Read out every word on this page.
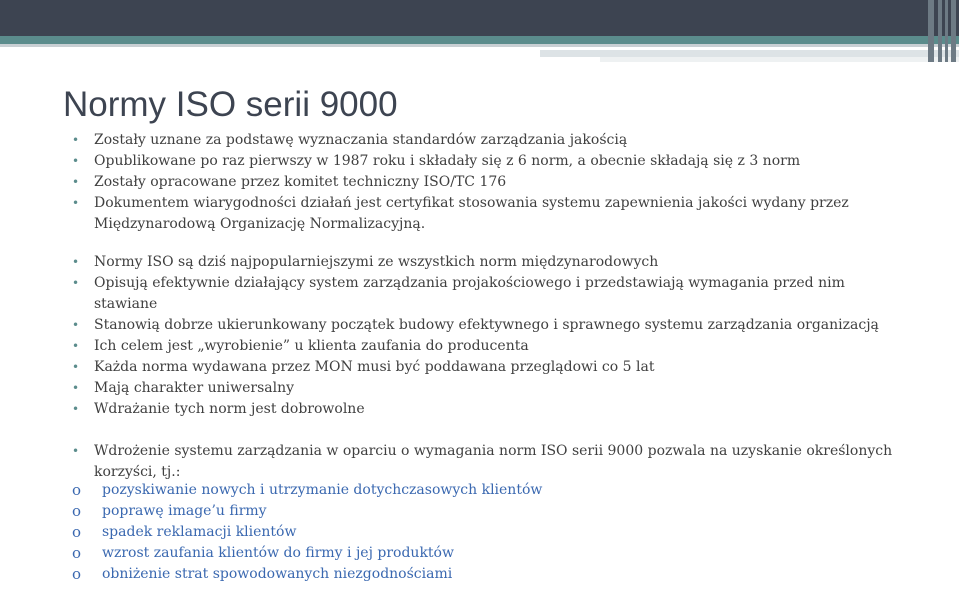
Normy ISO serii 9000
•	Zostały uznane za podstawę wyznaczania standardów zarządzania jakością
•	Opublikowane po raz pierwszy w 1987 roku i składały się z 6 norm, a obecnie składają się z 3 norm
•	Zostały opracowane przez komitet techniczny ISO/TC 176
•	Dokumentem wiarygodności działań jest certyfikat stosowania systemu zapewnienia jakości wydany przez Międzynarodową Organizację Normalizacyjną.
•	Normy ISO są dziś najpopularniejszymi ze wszystkich norm międzynarodowych
•	Opisują efektywnie działający system zarządzania projakościowego i przedstawiają wymagania przed nim stawiane
•	Stanowią dobrze ukierunkowany początek budowy efektywnego i sprawnego systemu zarządzania organizacją
•	Ich celem jest „wyrobienie” u klienta zaufania do producenta
•	Każda norma wydawana przez MON musi być poddawana przeglądowi co 5 lat
•	Mają charakter uniwersalny
•	Wdrażanie tych norm jest dobrowolne
•	Wdrożenie systemu zarządzania w oparciu o wymagania norm ISO serii 9000 pozwala na uzyskanie określonych korzyści, tj.:
o	pozyskiwanie nowych i utrzymanie dotychczasowych klientów
o	poprawę image’u firmy
o	spadek reklamacji klientów
o	wzrost zaufania klientów do firmy i jej produktów
o	obniżenie strat spowodowanych niezgodnościami
